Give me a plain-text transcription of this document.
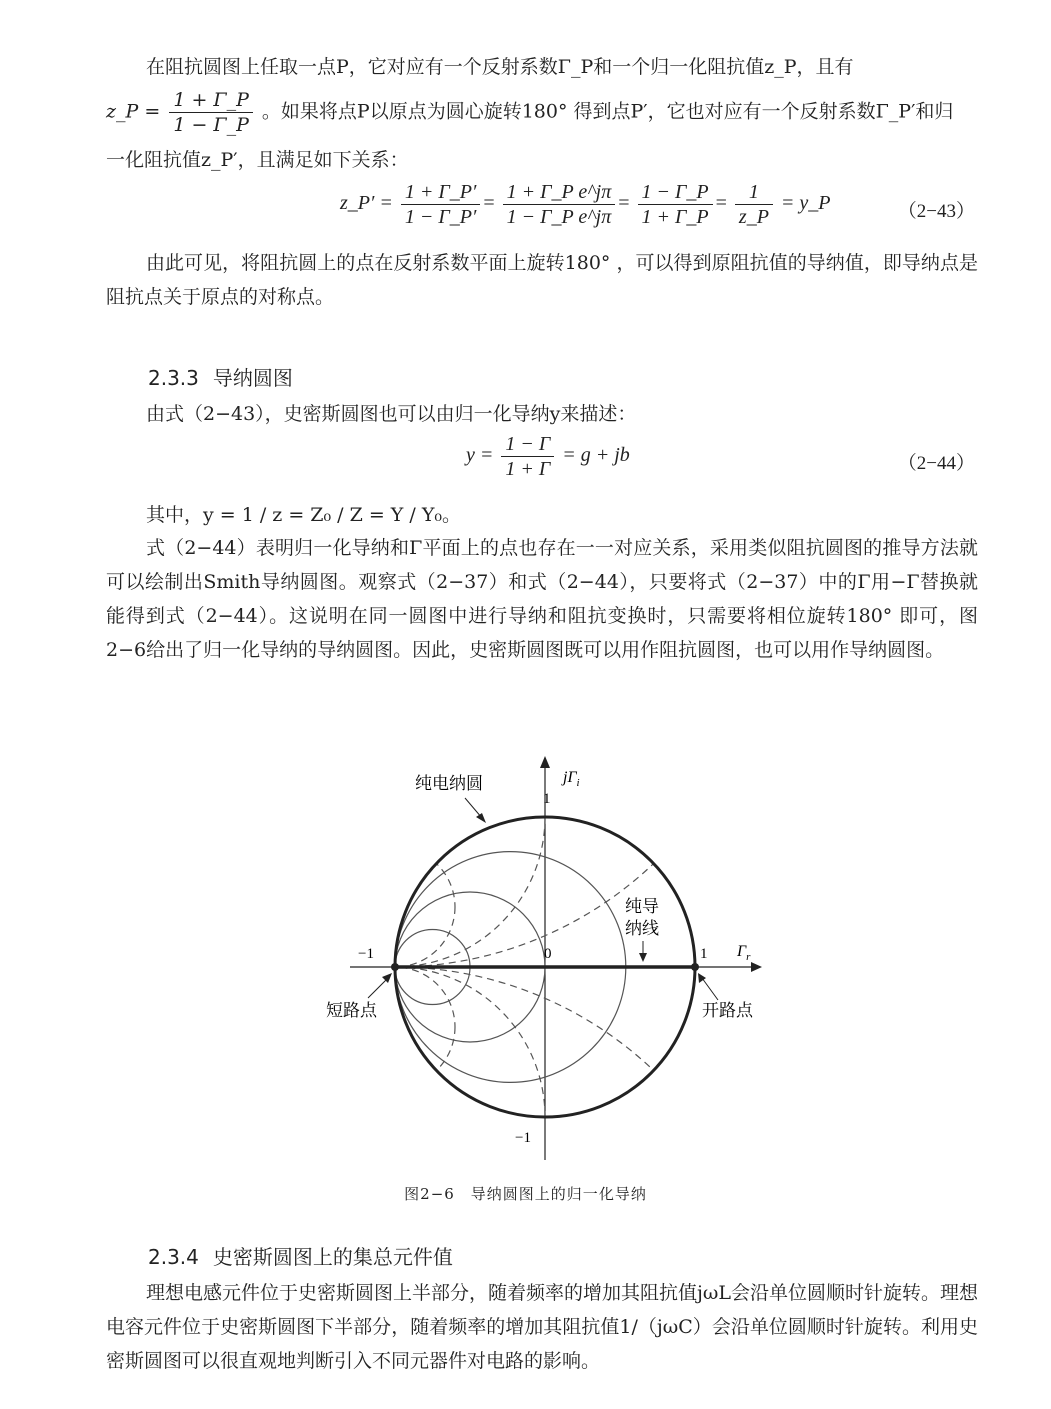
在阻抗圆图上任取一点P，它对应有一个反射系数Γ_P和一个归一化阻抗值z_P，且有

z_P = $\frac{1 + \Gamma\_P}{1 - \Gamma\_P}$ 。如果将点P以原点为圆心旋转180° 得到点P′，它也对应有一个反射系数Γ_P′和归

一化阻抗值z_P′，且满足如下关系：

z_P′ = $\frac{1 + \Gamma\_P'}{1 - \Gamma\_P'} = \frac{\text{1 + Γ\_P e\textasciicircum{}jπ}}{\text{1 − Γ\_P e\textasciicircum{}jπ}} = \frac{1 - \Gamma\_P}{1 + \Gamma\_P} = \frac{1}{z\_P}$ = y_P	（2−43）

由此可见，将阻抗圆上的点在反射系数平面上旋转180° ，可以得到原阻抗值的导纳值，即导纳点是阻抗点关于原点的对称点。

2.3.3 导纳圆图

由式（2−43），史密斯圆图也可以由归一化导纳y来描述：

$y = \frac{1 - \Gamma}{1 + \Gamma} = g$ + jb	（2−44）

其中，y = 1 / z = Z₀ / Z = Y / Y₀。

式（2−44）表明归一化导纳和Γ平面上的点也存在一一对应关系，采用类似阻抗圆图的推导方法就可以绘制出Smith导纳圆图。观察式（2−37）和式（2−44），只要将式（2−37）中的Γ用−Γ替换就能得到式（2−44）。这说明在同一圆图中进行导纳和阻抗变换时，只需要将相位旋转180° 即可，图2−6给出了归一化导纳的导纳圆图。因此，史密斯圆图既可以用作阻抗圆图，也可以用作导纳圆图。

纯电纳圆	$j\Gamma_i$
1
−1
−1	1
0	$\Gamma_r$
纯导
纳线
短路点	开路点
图2−6　导纳圆图上的归一化导纳
2.3.4 史密斯圆图上的集总元件值

理想电感元件位于史密斯圆图上半部分，随着频率的增加其阻抗值jωL会沿单位圆顺时针旋转。理想电容元件位于史密斯圆图下半部分，随着频率的增加其阻抗值1/（jωC）会沿单位圆顺时针旋转。利用史密斯圆图可以很直观地判断引入不同元器件对电路的影响。
